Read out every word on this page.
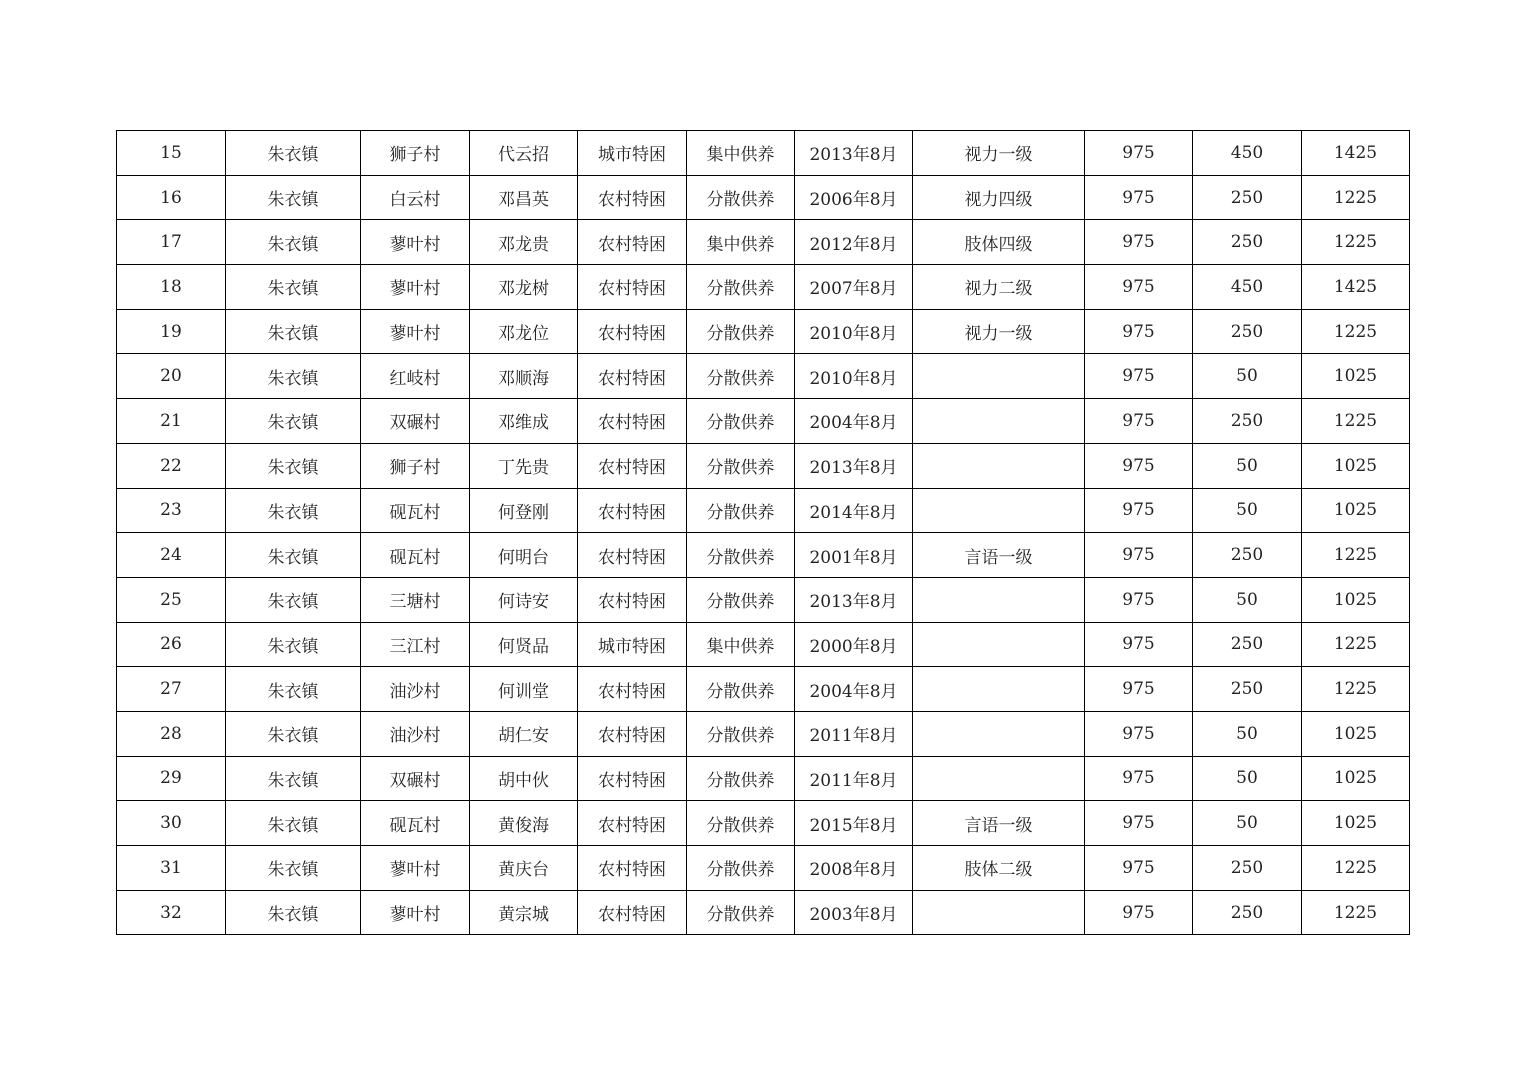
15	朱衣镇	狮子村	代云招	城市特困	集中供养	2013年8月	视力一级	975	450	1425
16	朱衣镇	白云村	邓昌英	农村特困	分散供养	2006年8月	视力四级	975	250	1225
17	朱衣镇	蓼叶村	邓龙贵	农村特困	集中供养	2012年8月	肢体四级	975	250	1225
18	朱衣镇	蓼叶村	邓龙树	农村特困	分散供养	2007年8月	视力二级	975	450	1425
19	朱衣镇	蓼叶村	邓龙位	农村特困	分散供养	2010年8月	视力一级	975	250	1225
20	朱衣镇	红岐村	邓顺海	农村特困	分散供养	2010年8月		975	50	1025
21	朱衣镇	双碾村	邓维成	农村特困	分散供养	2004年8月		975	250	1225
22	朱衣镇	狮子村	丁先贵	农村特困	分散供养	2013年8月		975	50	1025
23	朱衣镇	砚瓦村	何登刚	农村特困	分散供养	2014年8月		975	50	1025
24	朱衣镇	砚瓦村	何明台	农村特困	分散供养	2001年8月	言语一级	975	250	1225
25	朱衣镇	三塘村	何诗安	农村特困	分散供养	2013年8月		975	50	1025
26	朱衣镇	三江村	何贤品	城市特困	集中供养	2000年8月		975	250	1225
27	朱衣镇	油沙村	何训堂	农村特困	分散供养	2004年8月		975	250	1225
28	朱衣镇	油沙村	胡仁安	农村特困	分散供养	2011年8月		975	50	1025
29	朱衣镇	双碾村	胡中伙	农村特困	分散供养	2011年8月		975	50	1025
30	朱衣镇	砚瓦村	黄俊海	农村特困	分散供养	2015年8月	言语一级	975	50	1025
31	朱衣镇	蓼叶村	黄庆台	农村特困	分散供养	2008年8月	肢体二级	975	250	1225
32	朱衣镇	蓼叶村	黄宗城	农村特困	分散供养	2003年8月		975	250	1225
